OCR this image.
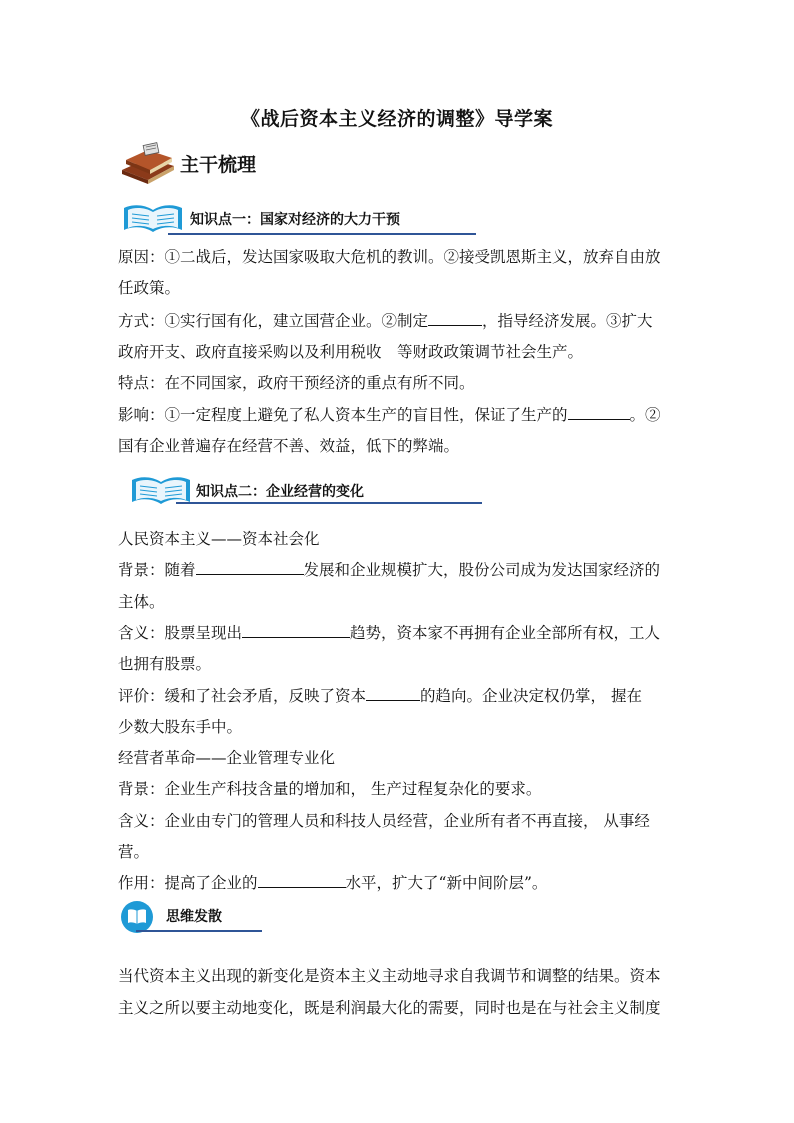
《战后资本主义经济的调整》导学案
主干梳理
知识点一：国家对经济的大力干预
原因：①二战后，发达国家吸取大危机的教训。②接受凯恩斯主义，放弃自由放
任政策。
方式：①实行国有化，建立国营企业。②制定	，指导经济发展。③扩大
政府开支、政府直接采购以及利用税收　等财政政策调节社会生产。
特点：在不同国家，政府干预经济的重点有所不同。
影响：①一定程度上避免了私人资本生产的盲目性，保证了生产的	。②
国有企业普遍存在经营不善、效益，低下的弊端。
知识点二：企业经营的变化
人民资本主义——资本社会化
背景：随着	发展和企业规模扩大，股份公司成为发达国家经济的
主体。
含义：股票呈现出	趋势，资本家不再拥有企业全部所有权，工人
也拥有股票。
评价：缓和了社会矛盾，反映了资本	的趋向。企业决定权仍掌， 握在
少数大股东手中。
经营者革命——企业管理专业化
背景：企业生产科技含量的增加和， 生产过程复杂化的要求。
含义：企业由专门的管理人员和科技人员经营，企业所有者不再直接， 从事经
营。
作用：提高了企业的	水平，扩大了“新中间阶层”。
思维发散
当代资本主义出现的新变化是资本主义主动地寻求自我调节和调整的结果。资本
主义之所以要主动地变化，既是利润最大化的需要，同时也是在与社会主义制度
